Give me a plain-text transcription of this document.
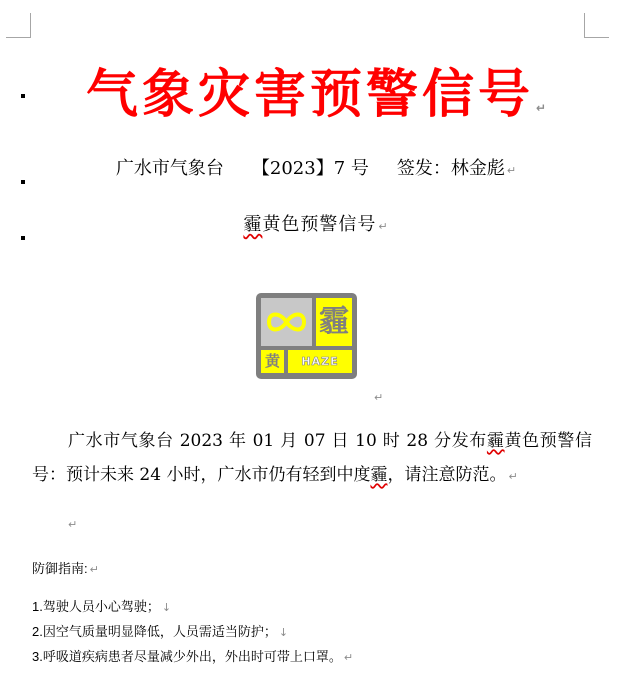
气象灾害预警信号 ↵
广水市气象台 【2023】7 号 签发：林金彪 ↵
霾黄色预警信号 ↵
霾
黄	HAZE
↵
广水市气象台 2023 年 01 月 07 日 10 时 28 分发布霾黄色预警信号：预计未来 24 小时，广水市仍有轻到中度霾，请注意防范。 ↵
↵
防御指南: ↵
1.驾驶人员小心驾驶； ↓
2.因空气质量明显降低，人员需适当防护； ↓
3.呼吸道疾病患者尽量减少外出，外出时可带上口罩。 ↵
